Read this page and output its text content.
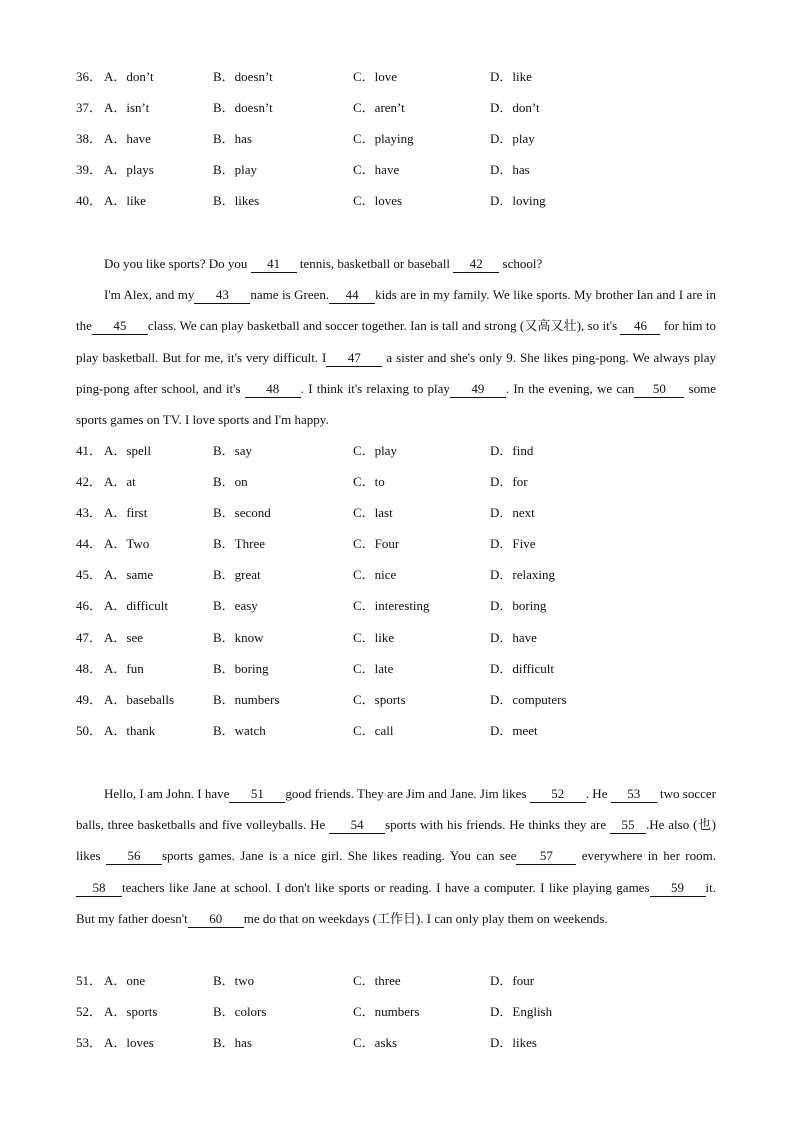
36． A．don’t	B．doesn’t	C．love	D．like
37． A．isn’t	B．doesn’t	C．aren’t	D．don’t
38． A．have	B．has	C．playing	D．play
39． A．plays	B．play	C．have	D．has
40． A．like	B．likes	C．loves	D．loving

Do you like sports? Do you 41 tennis, basketball or baseball 42 school?

I'm Alex, and my 43 name is Green. 44 kids are in my family. We like sports. My brother Ian and I are in the 45 class. We can play basketball and soccer together. Ian is tall and strong (又高又壮), so it's 46 for him to play basketball. But for me, it's very difficult. I 47 a sister and she's only 9. She likes ping-pong. We always play ping-pong after school, and it's 48 . I think it's relaxing to play 49 . In the evening, we can 50 some sports games on TV. I love sports and I'm happy.

41． A．spell	B．say	C．play	D．find
42． A．at	B．on	C．to	D．for
43． A．first	B．second	C．last	D．next
44． A．Two	B．Three	C．Four	D．Five
45． A．same	B．great	C．nice	D．relaxing
46． A．difficult	B．easy	C．interesting	D．boring
47． A．see	B．know	C．like	D．have
48． A．fun	B．boring	C．late	D．difficult
49． A．baseballs	B．numbers	C．sports	D．computers
50． A．thank	B．watch	C．call	D．meet

Hello, I am John. I have 51 good friends. They are Jim and Jane. Jim likes 52 . He 53 two soccer balls, three basketballs and five volleyballs. He 54 sports with his friends. He thinks they are 55 .He also (也) likes 56 sports games. Jane is a nice girl. She likes reading. You can see 57 everywhere in her room.58 teachers like Jane at school. I don't like sports or reading. I have a computer. I like playing games 59 it. But my father doesn't 60 me do that on weekdays (工作日). I can only play them on weekends.

51． A．one	B．two	C．three	D．four
52． A．sports	B．colors	C．numbers	D．English
53． A．loves	B．has	C．asks	D．likes
